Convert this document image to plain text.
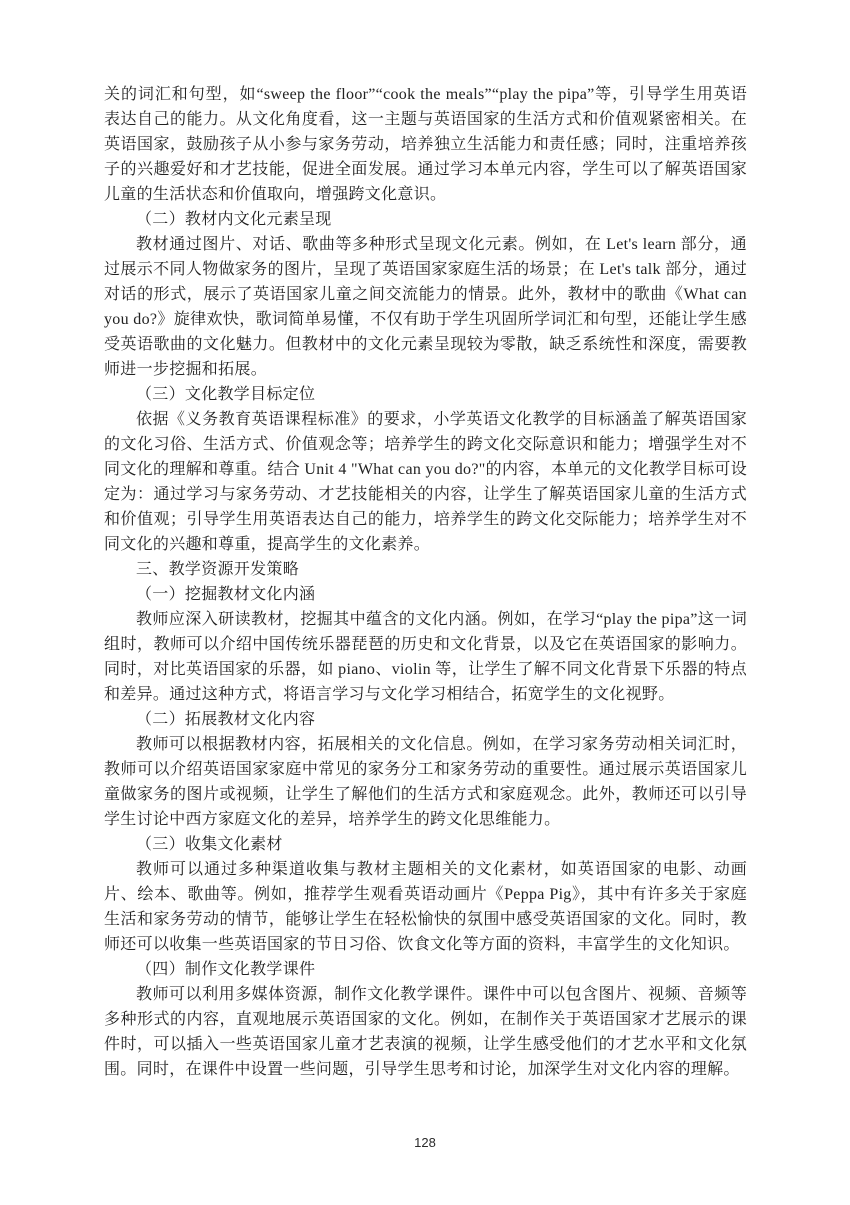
关的词汇和句型，如“sweep the floor”“cook the meals”“play the pipa”等，引导学生用英语表达自己的能力。从文化角度看，这一主题与英语国家的生活方式和价值观紧密相关。在英语国家，鼓励孩子从小参与家务劳动，培养独立生活能力和责任感；同时，注重培养孩子的兴趣爱好和才艺技能，促进全面发展。通过学习本单元内容，学生可以了解英语国家儿童的生活状态和价值取向，增强跨文化意识。

（二）教材内文化元素呈现

教材通过图片、对话、歌曲等多种形式呈现文化元素。例如，在 Let's learn 部分，通过展示不同人物做家务的图片，呈现了英语国家家庭生活的场景；在 Let's talk 部分，通过对话的形式，展示了英语国家儿童之间交流能力的情景。此外，教材中的歌曲《What can you do?》旋律欢快，歌词简单易懂，不仅有助于学生巩固所学词汇和句型，还能让学生感受英语歌曲的文化魅力。但教材中的文化元素呈现较为零散，缺乏系统性和深度，需要教师进一步挖掘和拓展。

（三）文化教学目标定位

依据《义务教育英语课程标准》的要求，小学英语文化教学的目标涵盖了解英语国家的文化习俗、生活方式、价值观念等；培养学生的跨文化交际意识和能力；增强学生对不同文化的理解和尊重。结合 Unit 4 "What can you do?"的内容，本单元的文化教学目标可设定为：通过学习与家务劳动、才艺技能相关的内容，让学生了解英语国家儿童的生活方式和价值观；引导学生用英语表达自己的能力，培养学生的跨文化交际能力；培养学生对不同文化的兴趣和尊重，提高学生的文化素养。

三、教学资源开发策略

（一）挖掘教材文化内涵

教师应深入研读教材，挖掘其中蕴含的文化内涵。例如，在学习“play the pipa”这一词组时，教师可以介绍中国传统乐器琵琶的历史和文化背景，以及它在英语国家的影响力。同时，对比英语国家的乐器，如 piano、violin 等，让学生了解不同文化背景下乐器的特点和差异。通过这种方式，将语言学习与文化学习相结合，拓宽学生的文化视野。

（二）拓展教材文化内容

教师可以根据教材内容，拓展相关的文化信息。例如，在学习家务劳动相关词汇时，教师可以介绍英语国家家庭中常见的家务分工和家务劳动的重要性。通过展示英语国家儿童做家务的图片或视频，让学生了解他们的生活方式和家庭观念。此外，教师还可以引导学生讨论中西方家庭文化的差异，培养学生的跨文化思维能力。

（三）收集文化素材

教师可以通过多种渠道收集与教材主题相关的文化素材，如英语国家的电影、动画片、绘本、歌曲等。例如，推荐学生观看英语动画片《Peppa Pig》，其中有许多关于家庭生活和家务劳动的情节，能够让学生在轻松愉快的氛围中感受英语国家的文化。同时，教师还可以收集一些英语国家的节日习俗、饮食文化等方面的资料，丰富学生的文化知识。

（四）制作文化教学课件

教师可以利用多媒体资源，制作文化教学课件。课件中可以包含图片、视频、音频等多种形式的内容，直观地展示英语国家的文化。例如，在制作关于英语国家才艺展示的课件时，可以插入一些英语国家儿童才艺表演的视频，让学生感受他们的才艺水平和文化氛围。同时，在课件中设置一些问题，引导学生思考和讨论，加深学生对文化内容的理解。

128
